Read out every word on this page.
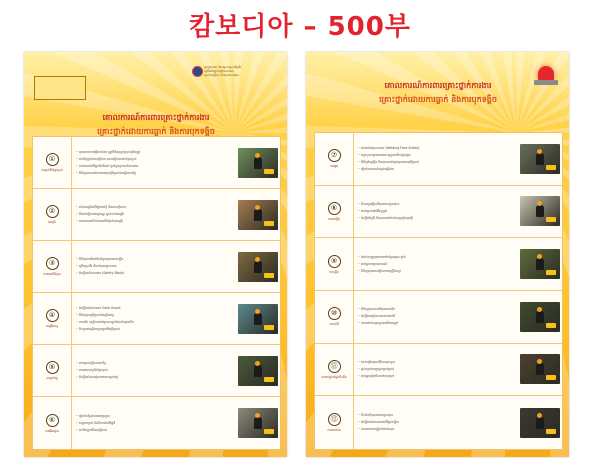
캄보디아 – 500부
ក្រសួងការងារ និងបណ្ដុះបណ្ដាលវិជ្ជាជីវៈ
កម្មវិធីអភិវឌ្ឍន៍សុវត្ថិភាពការងារ
ស្ថាប័នសុវត្ថិភាព និងសុខភាពការងារ
គោលការណ៍ការពារគ្រោះថ្នាក់ការងារ
គ្រោះថ្នាក់ដោយការធ្លាក់ និងការបុកទង្គិច
①
ការធ្លាក់ពីកន្លែងខ្ពស់
• មុនពេលចាប់ផ្ដើមការងារ ត្រូវពិនិត្យរន្ទាឲ្យបានត្រឹមត្រូវ
• ពាក់ខ្សែក្រវាត់សុវត្ថិភាព ពេលធ្វើការនៅកន្លែងខ្ពស់
• ហាមឈរលើផ្នែកមិនរឹងមាំ ឬកន្លែងគ្មានរបាំងការពារ
• ពិនិត្យឧបករណ៍ការពារមុនប្រើប្រាស់ជារៀងរាល់ថ្ងៃ
②
ជណ្ដើរ
• ដាក់ជណ្ដើរលើផ្ទៃរាបស្មើ និងមានស្ថិរភាព
• ពីរនាក់ធ្វើការជាមួយគ្នា ម្នាក់កាន់ជណ្ដើរ
• ហាមឈរលើកាំខាងលើបំផុតនៃជណ្ដើរ
③
ការងារលើដំបូល
• ពិនិត្យភាពរឹងមាំនៃដំបូលមុនពេលឡើង
• ប្រើបន្ទះដើរ និងសំណាញ់ការពារ
• ដំឡើងរបាំងការពារ (Safety Block)
④
ជណ្ដើរយន្ត
• ដំឡើងរបាំងការពារ Gate Guard
• ពិនិត្យមុនប្រើប្រាស់ជណ្ដើរយន្ត
• ហាមជិះ ឬធ្វើការនៅក្រោមបន្ទុកដែលកំពុងលើក
• បិទទ្វារជណ្ដើរយន្តបន្ទាប់ពីប្រើប្រាស់
⑤
ការធ្លាក់វត្ថុ
• ពាក់មួកសុវត្ថិភាពជានិច្ច
• ហាមបោះវត្ថុពីកន្លែងខ្ពស់
• ដំឡើងសំណាញ់ការពារការធ្លាក់វត្ថុ
⑥
ការរអិលដួល
• រៀបចំកន្លែងការងារឲ្យស្អាត
• សម្អាតប្រេង និងទឹកនៅលើផ្ទៃដី
• ពាក់ស្បែកជើងសុវត្ថិភាព
គោលការណ៍ការពារគ្រោះថ្នាក់ការងារ
គ្រោះថ្នាក់ដោយការធ្លាក់ និងការបុកទង្គិច
⑦
ការផ្សារ
• ពាក់របាំងមុខការពារ (Welding Face Shield)
• រក្សាទុកសម្ភារងាយឆេះឲ្យឆ្ងាយពីកន្លែងផ្សារ
• ពិនិត្យខ្សែភ្លើង និងឧបករណ៍ផ្សារមុនពេលប្រើប្រាស់
• រៀបចំឧបករណ៍ពន្លត់អគ្គិភ័យ
⑧
ការឆក់ភ្លើង
• បិទចរន្តអគ្គិសនីមុនពេលជួសជុល
• ពាក់ស្រោមដៃអ៊ីសូឡង់
• តំឡើងខ្សែដី និងឧបករណ៍កាត់ចរន្តស្វ័យប្រវត្តិ
⑨
ការទង្គិច
• បំពាក់សញ្ញាព្រមាននៅកន្លែងគ្រោះថ្នាក់
• ដាក់អ្នកបញ្ជាចរាចរណ៍
• ពិនិត្យមុនពេលធ្វើចលនាគ្រឿងចក្រ
⑩
ការរលំដី
• ពិនិត្យស្ថានភាពដីមុនពេលជីក
• ដំឡើងជញ្ជាំងការពារការរលំដី
• ហាមដាក់សម្ភារធ្ងន់នៅជិតរណ្ដៅ
⑪
ការងារក្នុងកន្លែងបិទជិត
• វាស់កម្រិតអុកស៊ីសែនមុនចូល
• ផ្ដល់ខ្យល់ចេញចូលគ្រប់គ្រាន់
• ដាក់អ្នកឃ្លាំមើលនៅខាងក្រៅ
⑫
ការជាប់គាំង
• បិទម៉ាស៊ីនមុនពេលជួសជុល
• ដំឡើងរបាំងការពារលើផ្នែកបង្វិល
• ហាមពាក់សម្លៀកបំពាក់រលុង
